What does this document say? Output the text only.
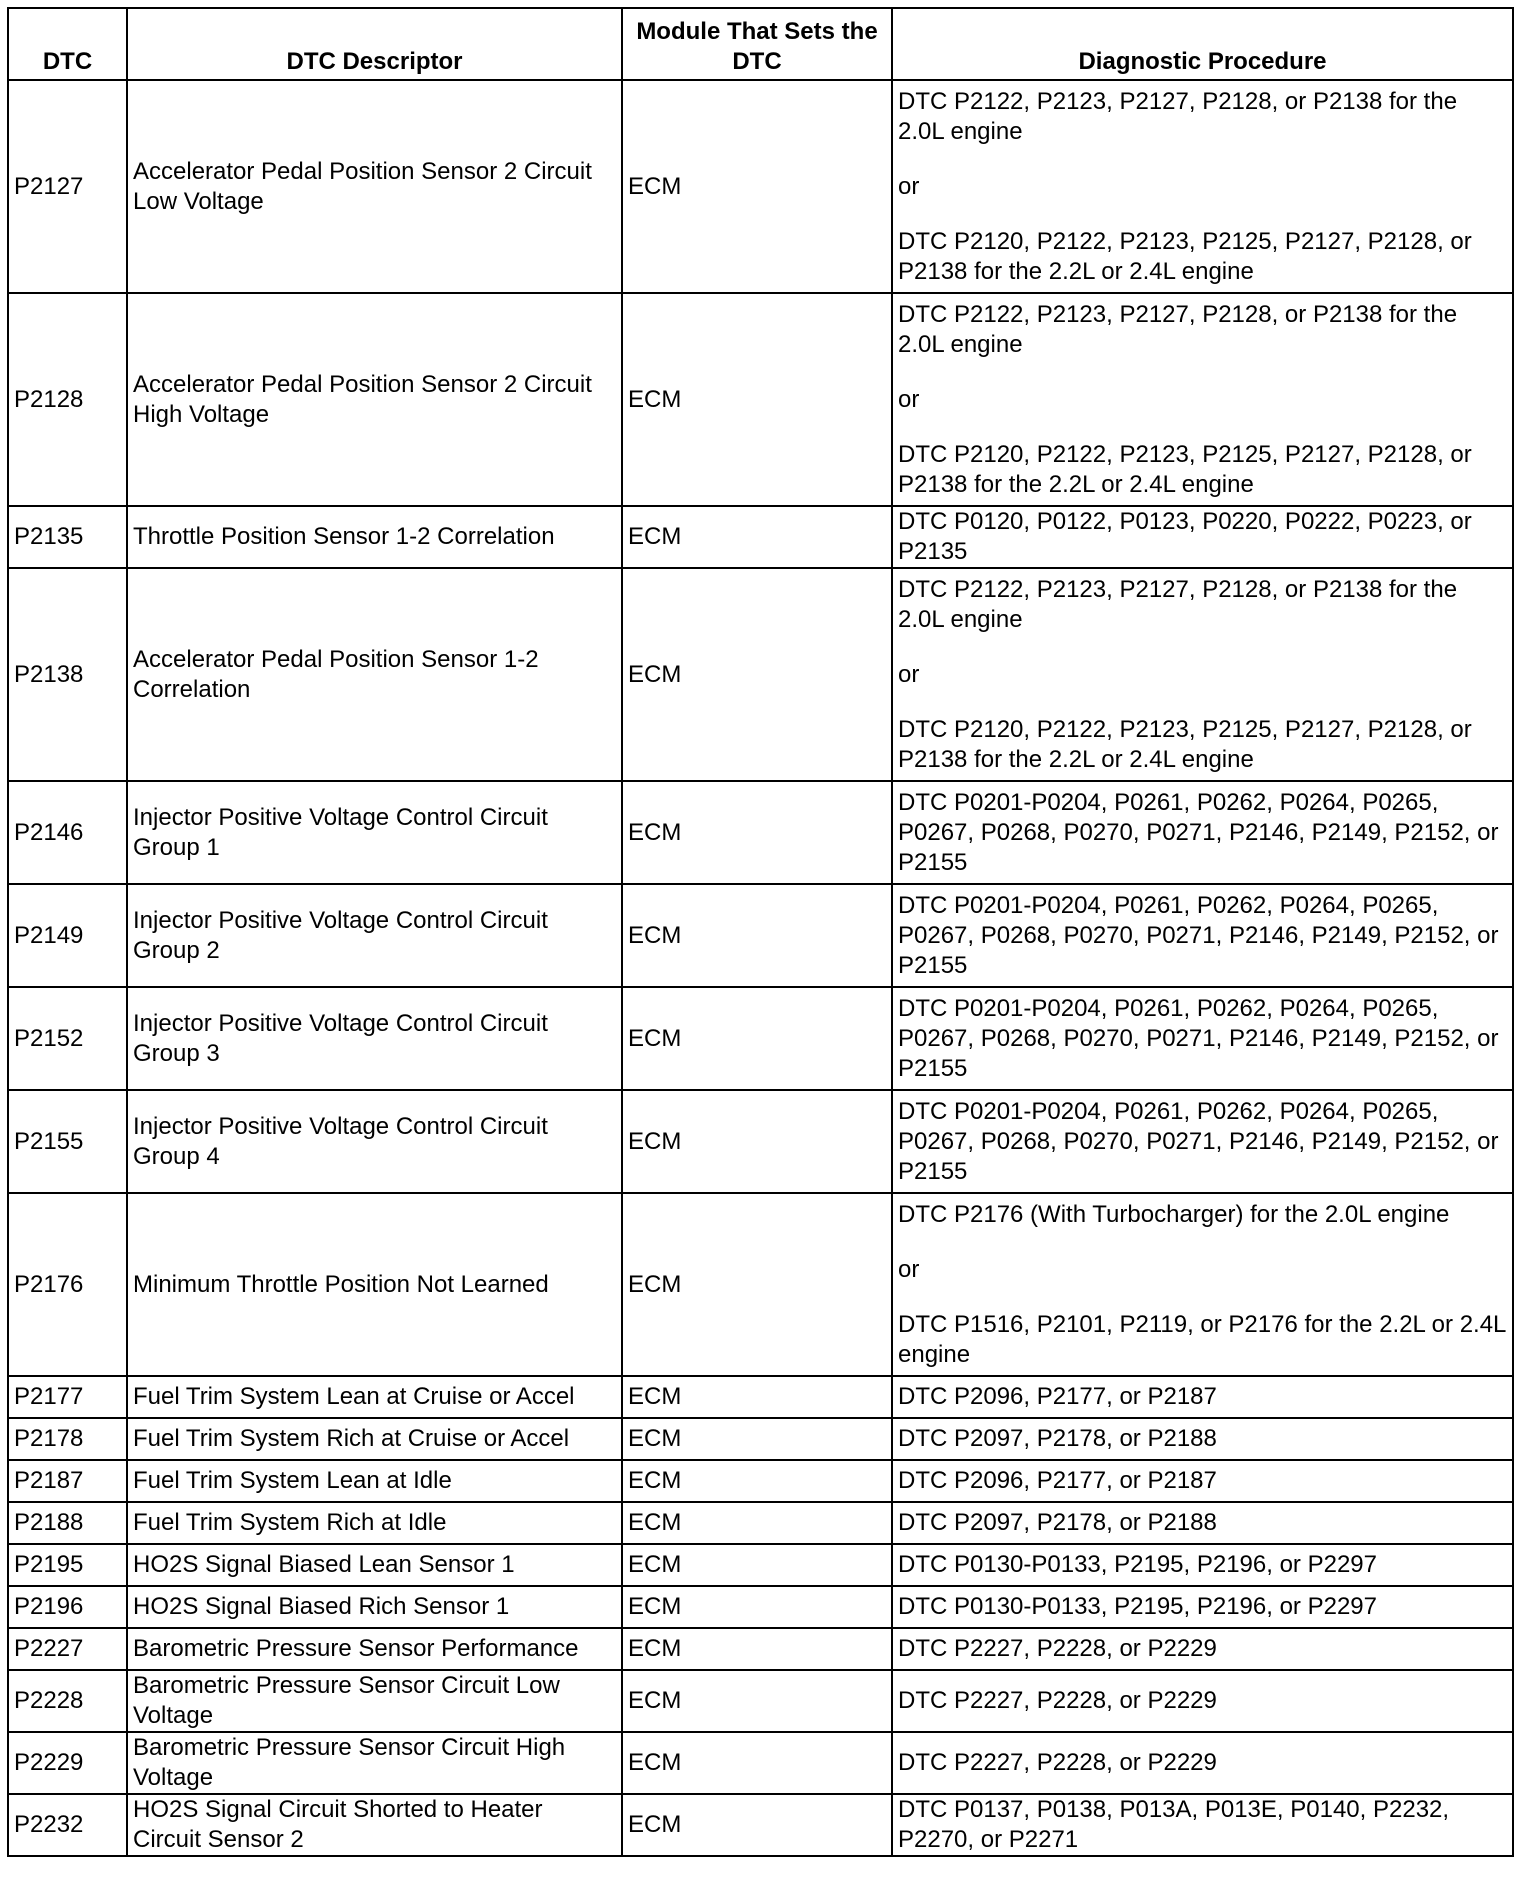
DTC	DTC Descriptor	Module That Sets the DTC	Diagnostic Procedure
P2127	Accelerator Pedal Position Sensor 2 Circuit Low Voltage	ECM	DTC P2122, P2123, P2127, P2128, or P2138 for the 2.0L engine
or
DTC P2120, P2122, P2123, P2125, P2127, P2128, or P2138 for the 2.2L or 2.4L engine

P2128	Accelerator Pedal Position Sensor 2 Circuit High Voltage	ECM	DTC P2122, P2123, P2127, P2128, or P2138 for the 2.0L engine
or
DTC P2120, P2122, P2123, P2125, P2127, P2128, or P2138 for the 2.2L or 2.4L engine

P2135	Throttle Position Sensor 1-2 Correlation	ECM	DTC P0120, P0122, P0123, P0220, P0222, P0223, or P2135

P2138	Accelerator Pedal Position Sensor 1-2 Correlation	ECM	DTC P2122, P2123, P2127, P2128, or P2138 for the 2.0L engine
or
DTC P2120, P2122, P2123, P2125, P2127, P2128, or P2138 for the 2.2L or 2.4L engine

P2146	Injector Positive Voltage Control Circuit Group 1	ECM	DTC P0201-P0204, P0261, P0262, P0264, P0265, P0267, P0268, P0270, P0271, P2146, P2149, P2152, or P2155

P2149	Injector Positive Voltage Control Circuit Group 2	ECM	DTC P0201-P0204, P0261, P0262, P0264, P0265, P0267, P0268, P0270, P0271, P2146, P2149, P2152, or P2155

P2152	Injector Positive Voltage Control Circuit Group 3	ECM	DTC P0201-P0204, P0261, P0262, P0264, P0265, P0267, P0268, P0270, P0271, P2146, P2149, P2152, or P2155

P2155	Injector Positive Voltage Control Circuit Group 4	ECM	DTC P0201-P0204, P0261, P0262, P0264, P0265, P0267, P0268, P0270, P0271, P2146, P2149, P2152, or P2155

P2176	Minimum Throttle Position Not Learned	ECM	DTC P2176 (With Turbocharger) for the 2.0L engine
or
DTC P1516, P2101, P2119, or P2176 for the 2.2L or 2.4L engine

P2177	Fuel Trim System Lean at Cruise or Accel	ECM	DTC P2096, P2177, or P2187

P2178	Fuel Trim System Rich at Cruise or Accel	ECM	DTC P2097, P2178, or P2188

P2187	Fuel Trim System Lean at Idle	ECM	DTC P2096, P2177, or P2187

P2188	Fuel Trim System Rich at Idle	ECM	DTC P2097, P2178, or P2188

P2195	HO2S Signal Biased Lean Sensor 1	ECM	DTC P0130-P0133, P2195, P2196, or P2297

P2196	HO2S Signal Biased Rich Sensor 1	ECM	DTC P0130-P0133, P2195, P2196, or P2297

P2227	Barometric Pressure Sensor Performance	ECM	DTC P2227, P2228, or P2229

P2228	Barometric Pressure Sensor Circuit Low Voltage	ECM	DTC P2227, P2228, or P2229

P2229	Barometric Pressure Sensor Circuit High Voltage	ECM	DTC P2227, P2228, or P2229

P2232	HO2S Signal Circuit Shorted to Heater Circuit Sensor 2	ECM	DTC P0137, P0138, P013A, P013E, P0140, P2232, P2270, or P2271
